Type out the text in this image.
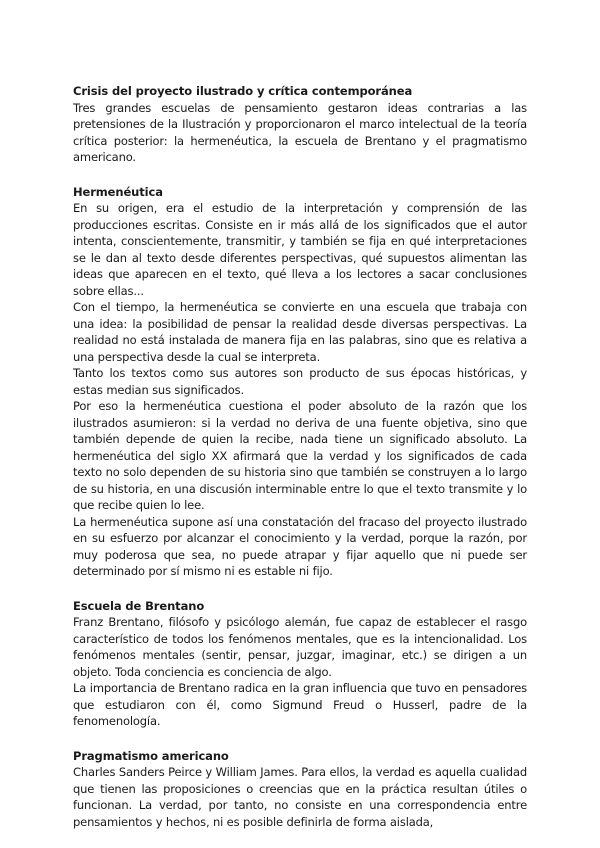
Crisis del proyecto ilustrado y crítica contemporánea

Tres grandes escuelas de pensamiento gestaron ideas contrarias a las pretensiones de la Ilustración y proporcionaron el marco intelectual de la teoría crítica posterior: la hermenéutica, la escuela de Brentano y el pragmatismo americano.

Hermenéutica

En su origen, era el estudio de la interpretación y comprensión de las producciones escritas. Consiste en ir más allá de los significados que el autor intenta, conscientemente, transmitir, y también se fija en qué interpretaciones se le dan al texto desde diferentes perspectivas, qué supuestos alimentan las ideas que aparecen en el texto, qué lleva a los lectores a sacar conclusiones sobre ellas...

Con el tiempo, la hermenéutica se convierte en una escuela que trabaja con una idea: la posibilidad de pensar la realidad desde diversas perspectivas. La realidad no está instalada de manera fija en las palabras, sino que es relativa a una perspectiva desde la cual se interpreta.

Tanto los textos como sus autores son producto de sus épocas históricas, y estas median sus significados.

Por eso la hermenéutica cuestiona el poder absoluto de la razón que los ilustrados asumieron: si la verdad no deriva de una fuente objetiva, sino que también depende de quien la recibe, nada tiene un significado absoluto. La hermenéutica del siglo XX afirmará que la verdad y los significados de cada texto no solo dependen de su historia sino que también se construyen a lo largo de su historia, en una discusión interminable entre lo que el texto transmite y lo que recibe quien lo lee.

La hermenéutica supone así una constatación del fracaso del proyecto ilustrado en su esfuerzo por alcanzar el conocimiento y la verdad, porque la razón, por muy poderosa que sea, no puede atrapar y fijar aquello que ni puede ser determinado por sí mismo ni es estable ni fijo.

Escuela de Brentano

Franz Brentano, filósofo y psicólogo alemán, fue capaz de establecer el rasgo característico de todos los fenómenos mentales, que es la intencionalidad. Los fenómenos mentales (sentir, pensar, juzgar, imaginar, etc.) se dirigen a un objeto. Toda conciencia es conciencia de algo.

La importancia de Brentano radica en la gran influencia que tuvo en pensadores que estudiaron con él, como Sigmund Freud o Husserl, padre de la fenomenología.

Pragmatismo americano

Charles Sanders Peirce y William James. Para ellos, la verdad es aquella cualidad que tienen las proposiciones o creencias que en la práctica resultan útiles o funcionan. La verdad, por tanto, no consiste en una correspondencia entre pensamientos y hechos, ni es posible definirla de forma aislada,
